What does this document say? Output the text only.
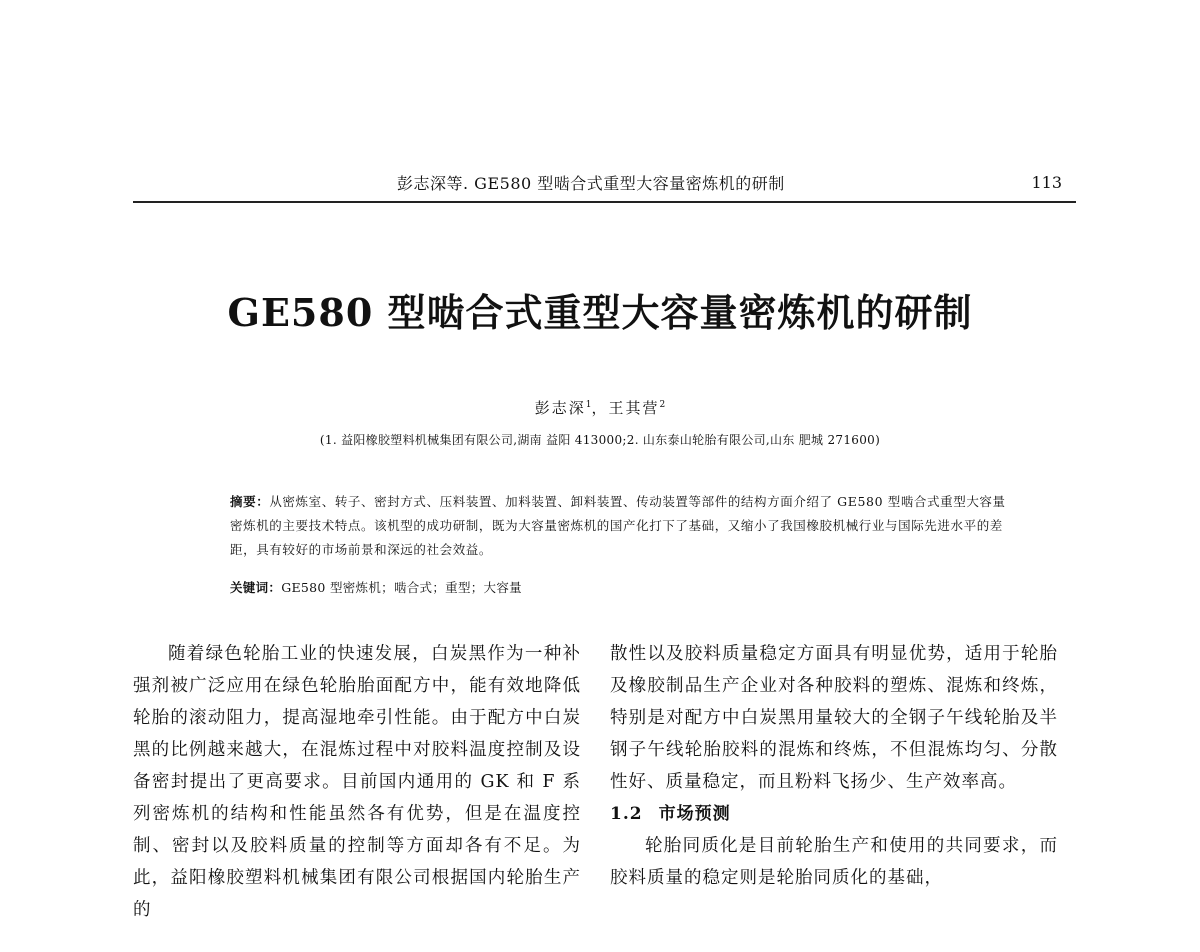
彭志深等. GE580 型啮合式重型大容量密炼机的研制	113
GE580 型啮合式重型大容量密炼机的研制
彭志深$^1$，王其营$^2$
(1. 益阳橡胶塑料机械集团有限公司,湖南 益阳 413000;2. 山东泰山轮胎有限公司,山东 肥城 271600)
摘要：从密炼室、转子、密封方式、压料装置、加料装置、卸料装置、传动装置等部件的结构方面介绍了 GE580 型啮合式重型大容量密炼机的主要技术特点。该机型的成功研制，既为大容量密炼机的国产化打下了基础，又缩小了我国橡胶机械行业与国际先进水平的差距，具有较好的市场前景和深远的社会效益。
关键词：GE580 型密炼机；啮合式；重型；大容量

随着绿色轮胎工业的快速发展，白炭黑作为一种补强剂被广泛应用在绿色轮胎胎面配方中，能有效地降低轮胎的滚动阻力，提高湿地牵引性能。由于配方中白炭黑的比例越来越大，在混炼过程中对胶料温度控制及设备密封提出了更高要求。目前国内通用的 GK 和 F 系列密炼机的结构和性能虽然各有优势，但是在温度控制、密封以及胶料质量的控制等方面却各有不足。为此，益阳橡胶塑料机械集团有限公司根据国内轮胎生产的

散性以及胶料质量稳定方面具有明显优势，适用于轮胎及橡胶制品生产企业对各种胶料的塑炼、混炼和终炼，特别是对配方中白炭黑用量较大的全钢子午线轮胎及半钢子午线轮胎胶料的混炼和终炼，不但混炼均匀、分散性好、质量稳定，而且粉料飞扬少、生产效率高。

1.2 市场预测

轮胎同质化是目前轮胎生产和使用的共同要求，而胶料质量的稳定则是轮胎同质化的基础，
